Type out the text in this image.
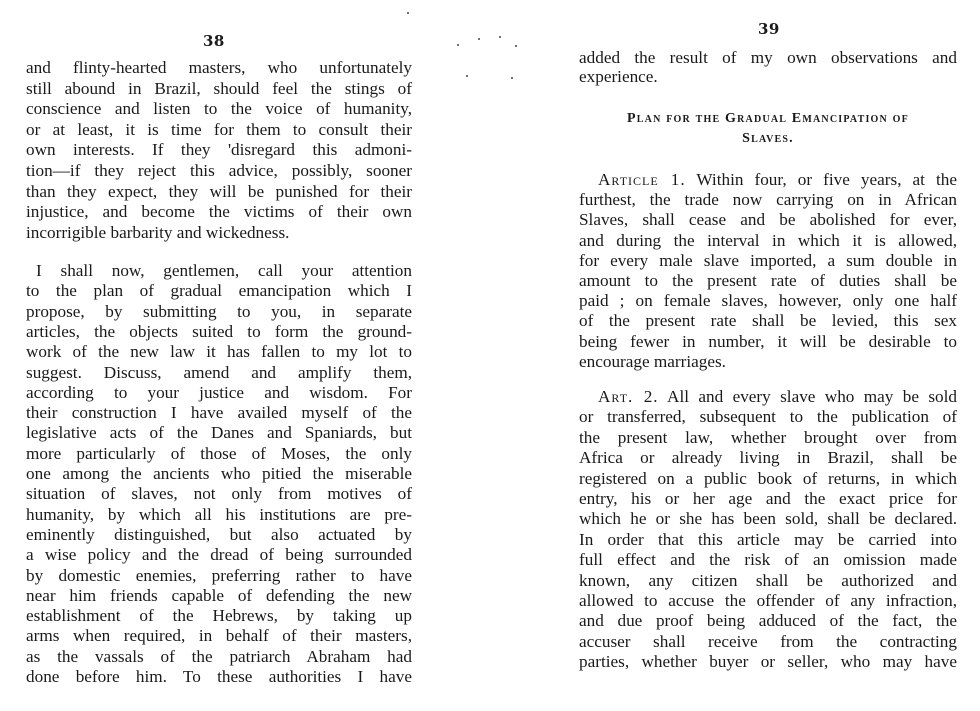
38
and flinty-hearted masters, who unfortunately
still abound in Brazil, should feel the stings of
conscience and listen to the voice of humanity,
or at least, it is time for them to consult their
own interests. If they 'disregard this admoni-
tion—if they reject this advice, possibly, sooner
than they expect, they will be punished for their
injustice, and become the victims of their own
incorrigible barbarity and wickedness.
I shall now, gentlemen, call your attention
to the plan of gradual emancipation which I
propose, by submitting to you, in separate
articles, the objects suited to form the ground-
work of the new law it has fallen to my lot to
suggest. Discuss, amend and amplify them,
according to your justice and wisdom. For
their construction I have availed myself of the
legislative acts of the Danes and Spaniards, but
more particularly of those of Moses, the only
one among the ancients who pitied the miserable
situation of slaves, not only from motives of
humanity, by which all his institutions are pre-
eminently distinguished, but also actuated by
a wise policy and the dread of being surrounded
by domestic enemies, preferring rather to have
near him friends capable of defending the new
establishment of the Hebrews, by taking up
arms when required, in behalf of their masters,
as the vassals of the patriarch Abraham had
done before him. To these authorities I have
39
added the result of my own observations and
experience.
Plan for the Gradual Emancipation of
Slaves.
Article 1. Within four, or five years, at the
furthest, the trade now carrying on in African
Slaves, shall cease and be abolished for ever,
and during the interval in which it is allowed,
for every male slave imported, a sum double in
amount to the present rate of duties shall be
paid ; on female slaves, however, only one half
of the present rate shall be levied, this sex
being fewer in number, it will be desirable to
encourage marriages.
Art. 2. All and every slave who may be sold
or transferred, subsequent to the publication of
the present law, whether brought over from
Africa or already living in Brazil, shall be
registered on a public book of returns, in which
entry, his or her age and the exact price for
which he or she has been sold, shall be declared.
In order that this article may be carried into
full effect and the risk of an omission made
known, any citizen shall be authorized and
allowed to accuse the offender of any infraction,
and due proof being adduced of the fact, the
accuser shall receive from the contracting
parties, whether buyer or seller, who may have
